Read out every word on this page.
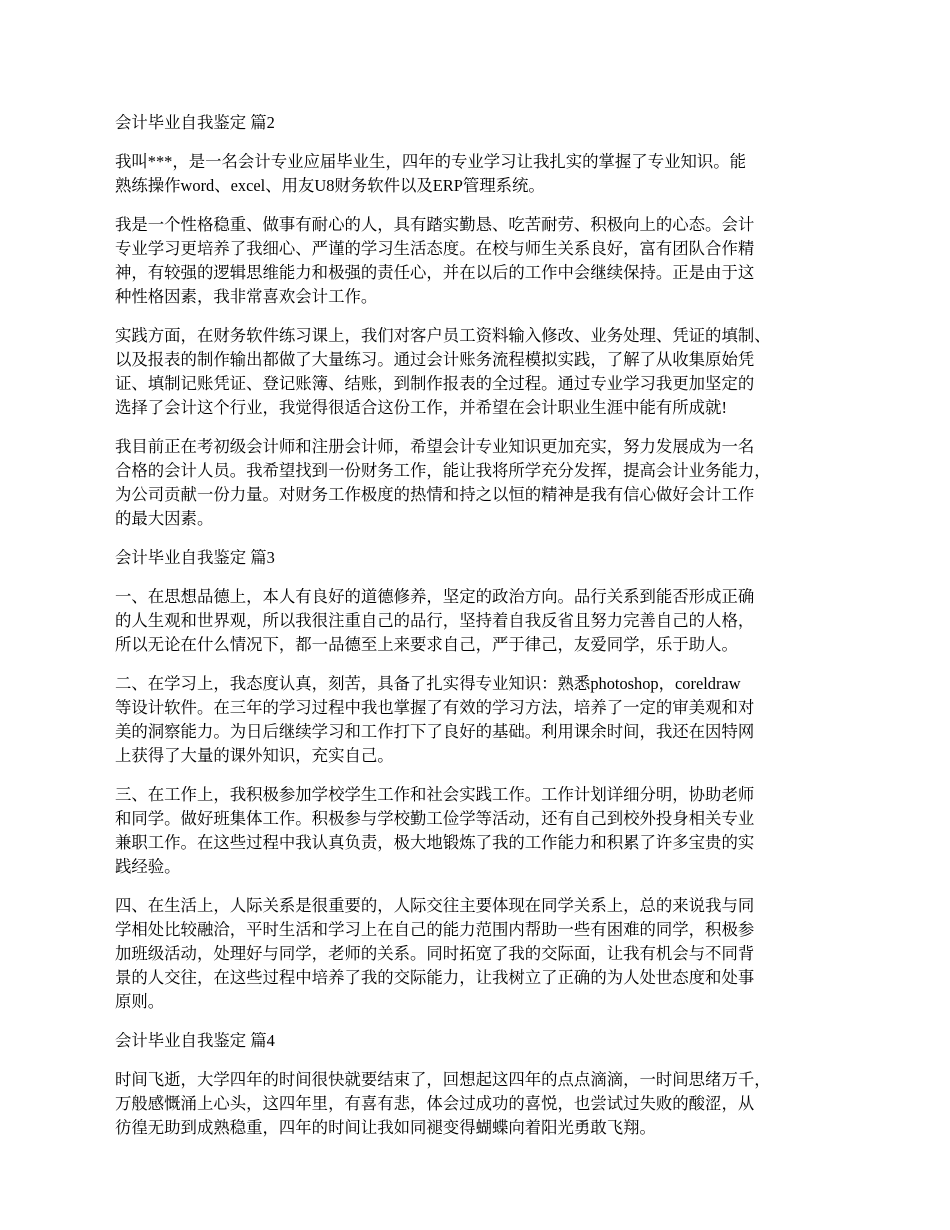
会计毕业自我鉴定 篇2

我叫***，是一名会计专业应届毕业生，四年的专业学习让我扎实的掌握了专业知识。能
熟练操作word、excel、用友U8财务软件以及ERP管理系统。

我是一个性格稳重、做事有耐心的人，具有踏实勤恳、吃苦耐劳、积极向上的心态。会计
专业学习更培养了我细心、严谨的学习生活态度。在校与师生关系良好，富有团队合作精
神，有较强的逻辑思维能力和极强的责任心，并在以后的工作中会继续保持。正是由于这
种性格因素，我非常喜欢会计工作。

实践方面，在财务软件练习课上，我们对客户员工资料输入修改、业务处理、凭证的填制、
以及报表的制作输出都做了大量练习。通过会计账务流程模拟实践，了解了从收集原始凭
证、填制记账凭证、登记账簿、结账，到制作报表的全过程。通过专业学习我更加坚定的
选择了会计这个行业，我觉得很适合这份工作，并希望在会计职业生涯中能有所成就!

我目前正在考初级会计师和注册会计师，希望会计专业知识更加充实，努力发展成为一名
合格的会计人员。我希望找到一份财务工作，能让我将所学充分发挥，提高会计业务能力，
为公司贡献一份力量。对财务工作极度的热情和持之以恒的精神是我有信心做好会计工作
的最大因素。

会计毕业自我鉴定 篇3

一、在思想品德上，本人有良好的道德修养，坚定的政治方向。品行关系到能否形成正确
的人生观和世界观，所以我很注重自己的品行，坚持着自我反省且努力完善自己的人格，
所以无论在什么情况下，都一品德至上来要求自己，严于律己，友爱同学，乐于助人。

二、在学习上，我态度认真，刻苦，具备了扎实得专业知识：熟悉photoshop，coreldraw
等设计软件。在三年的学习过程中我也掌握了有效的学习方法，培养了一定的审美观和对
美的洞察能力。为日后继续学习和工作打下了良好的基础。利用课余时间，我还在因特网
上获得了大量的课外知识，充实自己。

三、在工作上，我积极参加学校学生工作和社会实践工作。工作计划详细分明，协助老师
和同学。做好班集体工作。积极参与学校勤工俭学等活动，还有自己到校外投身相关专业
兼职工作。在这些过程中我认真负责，极大地锻炼了我的工作能力和积累了许多宝贵的实
践经验。

四、在生活上，人际关系是很重要的，人际交往主要体现在同学关系上，总的来说我与同
学相处比较融洽，平时生活和学习上在自己的能力范围内帮助一些有困难的同学，积极参
加班级活动，处理好与同学，老师的关系。同时拓宽了我的交际面，让我有机会与不同背
景的人交往，在这些过程中培养了我的交际能力，让我树立了正确的为人处世态度和处事
原则。

会计毕业自我鉴定 篇4

时间飞逝，大学四年的时间很快就要结束了，回想起这四年的点点滴滴，一时间思绪万千，
万般感慨涌上心头，这四年里，有喜有悲，体会过成功的喜悦，也尝试过失败的酸涩，从
彷徨无助到成熟稳重，四年的时间让我如同褪变得蝴蝶向着阳光勇敢飞翔。
